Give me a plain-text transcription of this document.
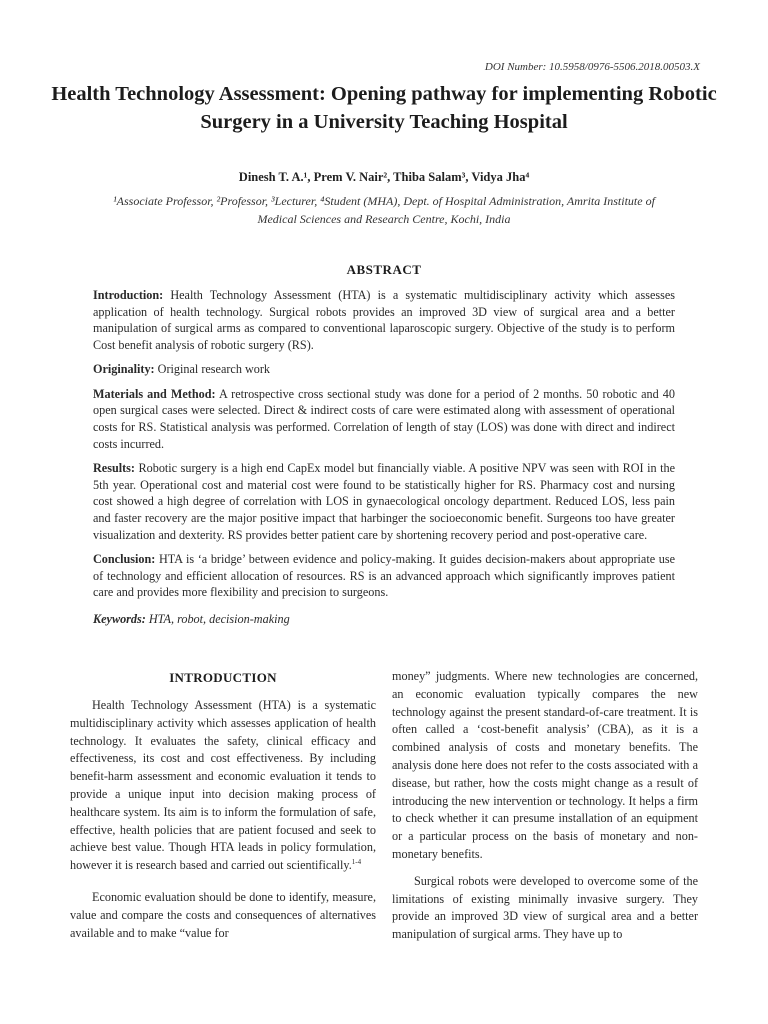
DOI Number: 10.5958/0976-5506.2018.00503.X
Health Technology Assessment: Opening pathway for implementing Robotic Surgery in a University Teaching Hospital
Dinesh T. A.¹, Prem V. Nair², Thiba Salam³, Vidya Jha⁴
¹Associate Professor, ²Professor, ³Lecturer, ⁴Student (MHA), Dept. of Hospital Administration, Amrita Institute of Medical Sciences and Research Centre, Kochi, India
ABSTRACT

Introduction: Health Technology Assessment (HTA) is a systematic multidisciplinary activity which assesses application of health technology. Surgical robots provides an improved 3D view of surgical area and a better manipulation of surgical arms as compared to conventional laparoscopic surgery. Objective of the study is to perform Cost benefit analysis of robotic surgery (RS).

Originality: Original research work

Materials and Method: A retrospective cross sectional study was done for a period of 2 months. 50 robotic and 40 open surgical cases were selected. Direct & indirect costs of care were estimated along with assessment of operational costs for RS. Statistical analysis was performed. Correlation of length of stay (LOS) was done with direct and indirect costs incurred.

Results: Robotic surgery is a high end CapEx model but financially viable. A positive NPV was seen with ROI in the 5th year. Operational cost and material cost were found to be statistically higher for RS. Pharmacy cost and nursing cost showed a high degree of correlation with LOS in gynaecological oncology department. Reduced LOS, less pain and faster recovery are the major positive impact that harbinger the socioeconomic benefit. Surgeons too have greater visualization and dexterity. RS provides better patient care by shortening recovery period and post-operative care.

Conclusion: HTA is ‘a bridge’ between evidence and policy-making. It guides decision-makers about appropriate use of technology and efficient allocation of resources. RS is an advanced approach which significantly improves patient care and provides more flexibility and precision to surgeons.

Keywords: HTA, robot, decision-making

INTRODUCTION

Health Technology Assessment (HTA) is a systematic multidisciplinary activity which assesses application of health technology. It evaluates the safety, clinical efficacy and effectiveness, its cost and cost effectiveness. By including benefit-harm assessment and economic evaluation it tends to provide a unique input into decision making process of healthcare system. Its aim is to inform the formulation of safe, effective, health policies that are patient focused and seek to achieve best value. Though HTA leads in policy formulation, however it is research based and carried out scientifically.$^{1-4}$

Economic evaluation should be done to identify, measure, value and compare the costs and consequences of alternatives available and to make “value for

money” judgments. Where new technologies are concerned, an economic evaluation typically compares the new technology against the present standard-of-care treatment. It is often called a ‘cost-benefit analysis’ (CBA), as it is a combined analysis of costs and monetary benefits. The analysis done here does not refer to the costs associated with a disease, but rather, how the costs might change as a result of introducing the new intervention or technology. It helps a firm to check whether it can presume installation of an equipment or a particular process on the basis of monetary and non-monetary benefits.

Surgical robots were developed to overcome some of the limitations of existing minimally invasive surgery. They provide an improved 3D view of surgical area and a better manipulation of surgical arms. They have up to
